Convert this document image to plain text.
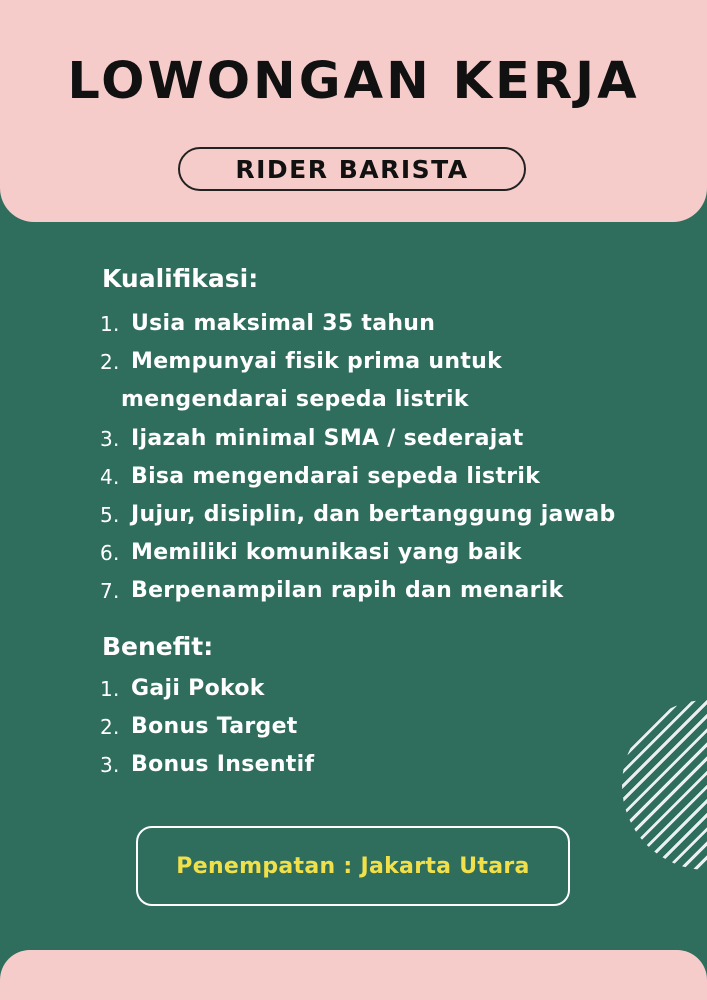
LOWONGAN KERJA
RIDER BARISTA
Kualifikasi:
1. Usia maksimal 35 tahun
2. Mempunyai fisik prima untuk
mengendarai sepeda listrik
3. Ijazah minimal SMA / sederajat
4. Bisa mengendarai sepeda listrik
5. Jujur, disiplin, dan bertanggung jawab
6. Memiliki komunikasi yang baik
7. Berpenampilan rapih dan menarik
Benefit:
1. Gaji Pokok
2. Bonus Target
3. Bonus Insentif
Penempatan : Jakarta Utara
